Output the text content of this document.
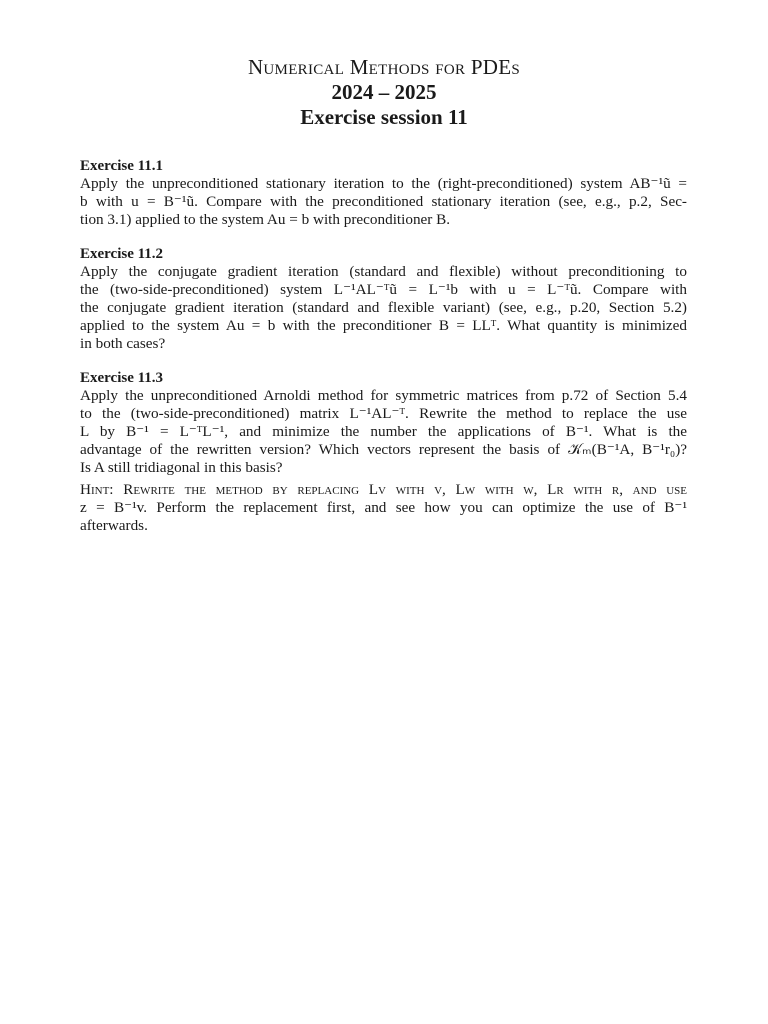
Numerical Methods for PDEs
2024 – 2025
Exercise session 11
Exercise 11.1
Apply the unpreconditioned stationary iteration to the (right-preconditioned) system AB⁻¹ũ =
b with u = B⁻¹ũ. Compare with the preconditioned stationary iteration (see, e.g., p.2, Sec-
tion 3.1) applied to the system Au = b with preconditioner B.
Exercise 11.2
Apply the conjugate gradient iteration (standard and flexible) without preconditioning to
the (two-side-preconditioned) system L⁻¹AL⁻ᵀũ = L⁻¹b with u = L⁻ᵀũ. Compare with
the conjugate gradient iteration (standard and flexible variant) (see, e.g., p.20, Section 5.2)
applied to the system Au = b with the preconditioner B = LLᵀ. What quantity is minimized
in both cases?
Exercise 11.3
Apply the unpreconditioned Arnoldi method for symmetric matrices from p.72 of Section 5.4
to the (two-side-preconditioned) matrix L⁻¹AL⁻ᵀ. Rewrite the method to replace the use
L by B⁻¹ = L⁻ᵀL⁻¹, and minimize the number the applications of B⁻¹. What is the
advantage of the rewritten version? Which vectors represent the basis of 𝒦ₘ(B⁻¹A, B⁻¹r₀)?
Is A still tridiagonal in this basis?
Hint: Rewrite the method by replacing Lv with v, Lw with w, Lr with r, and use
z = B⁻¹v. Perform the replacement first, and see how you can optimize the use of B⁻¹
afterwards.
